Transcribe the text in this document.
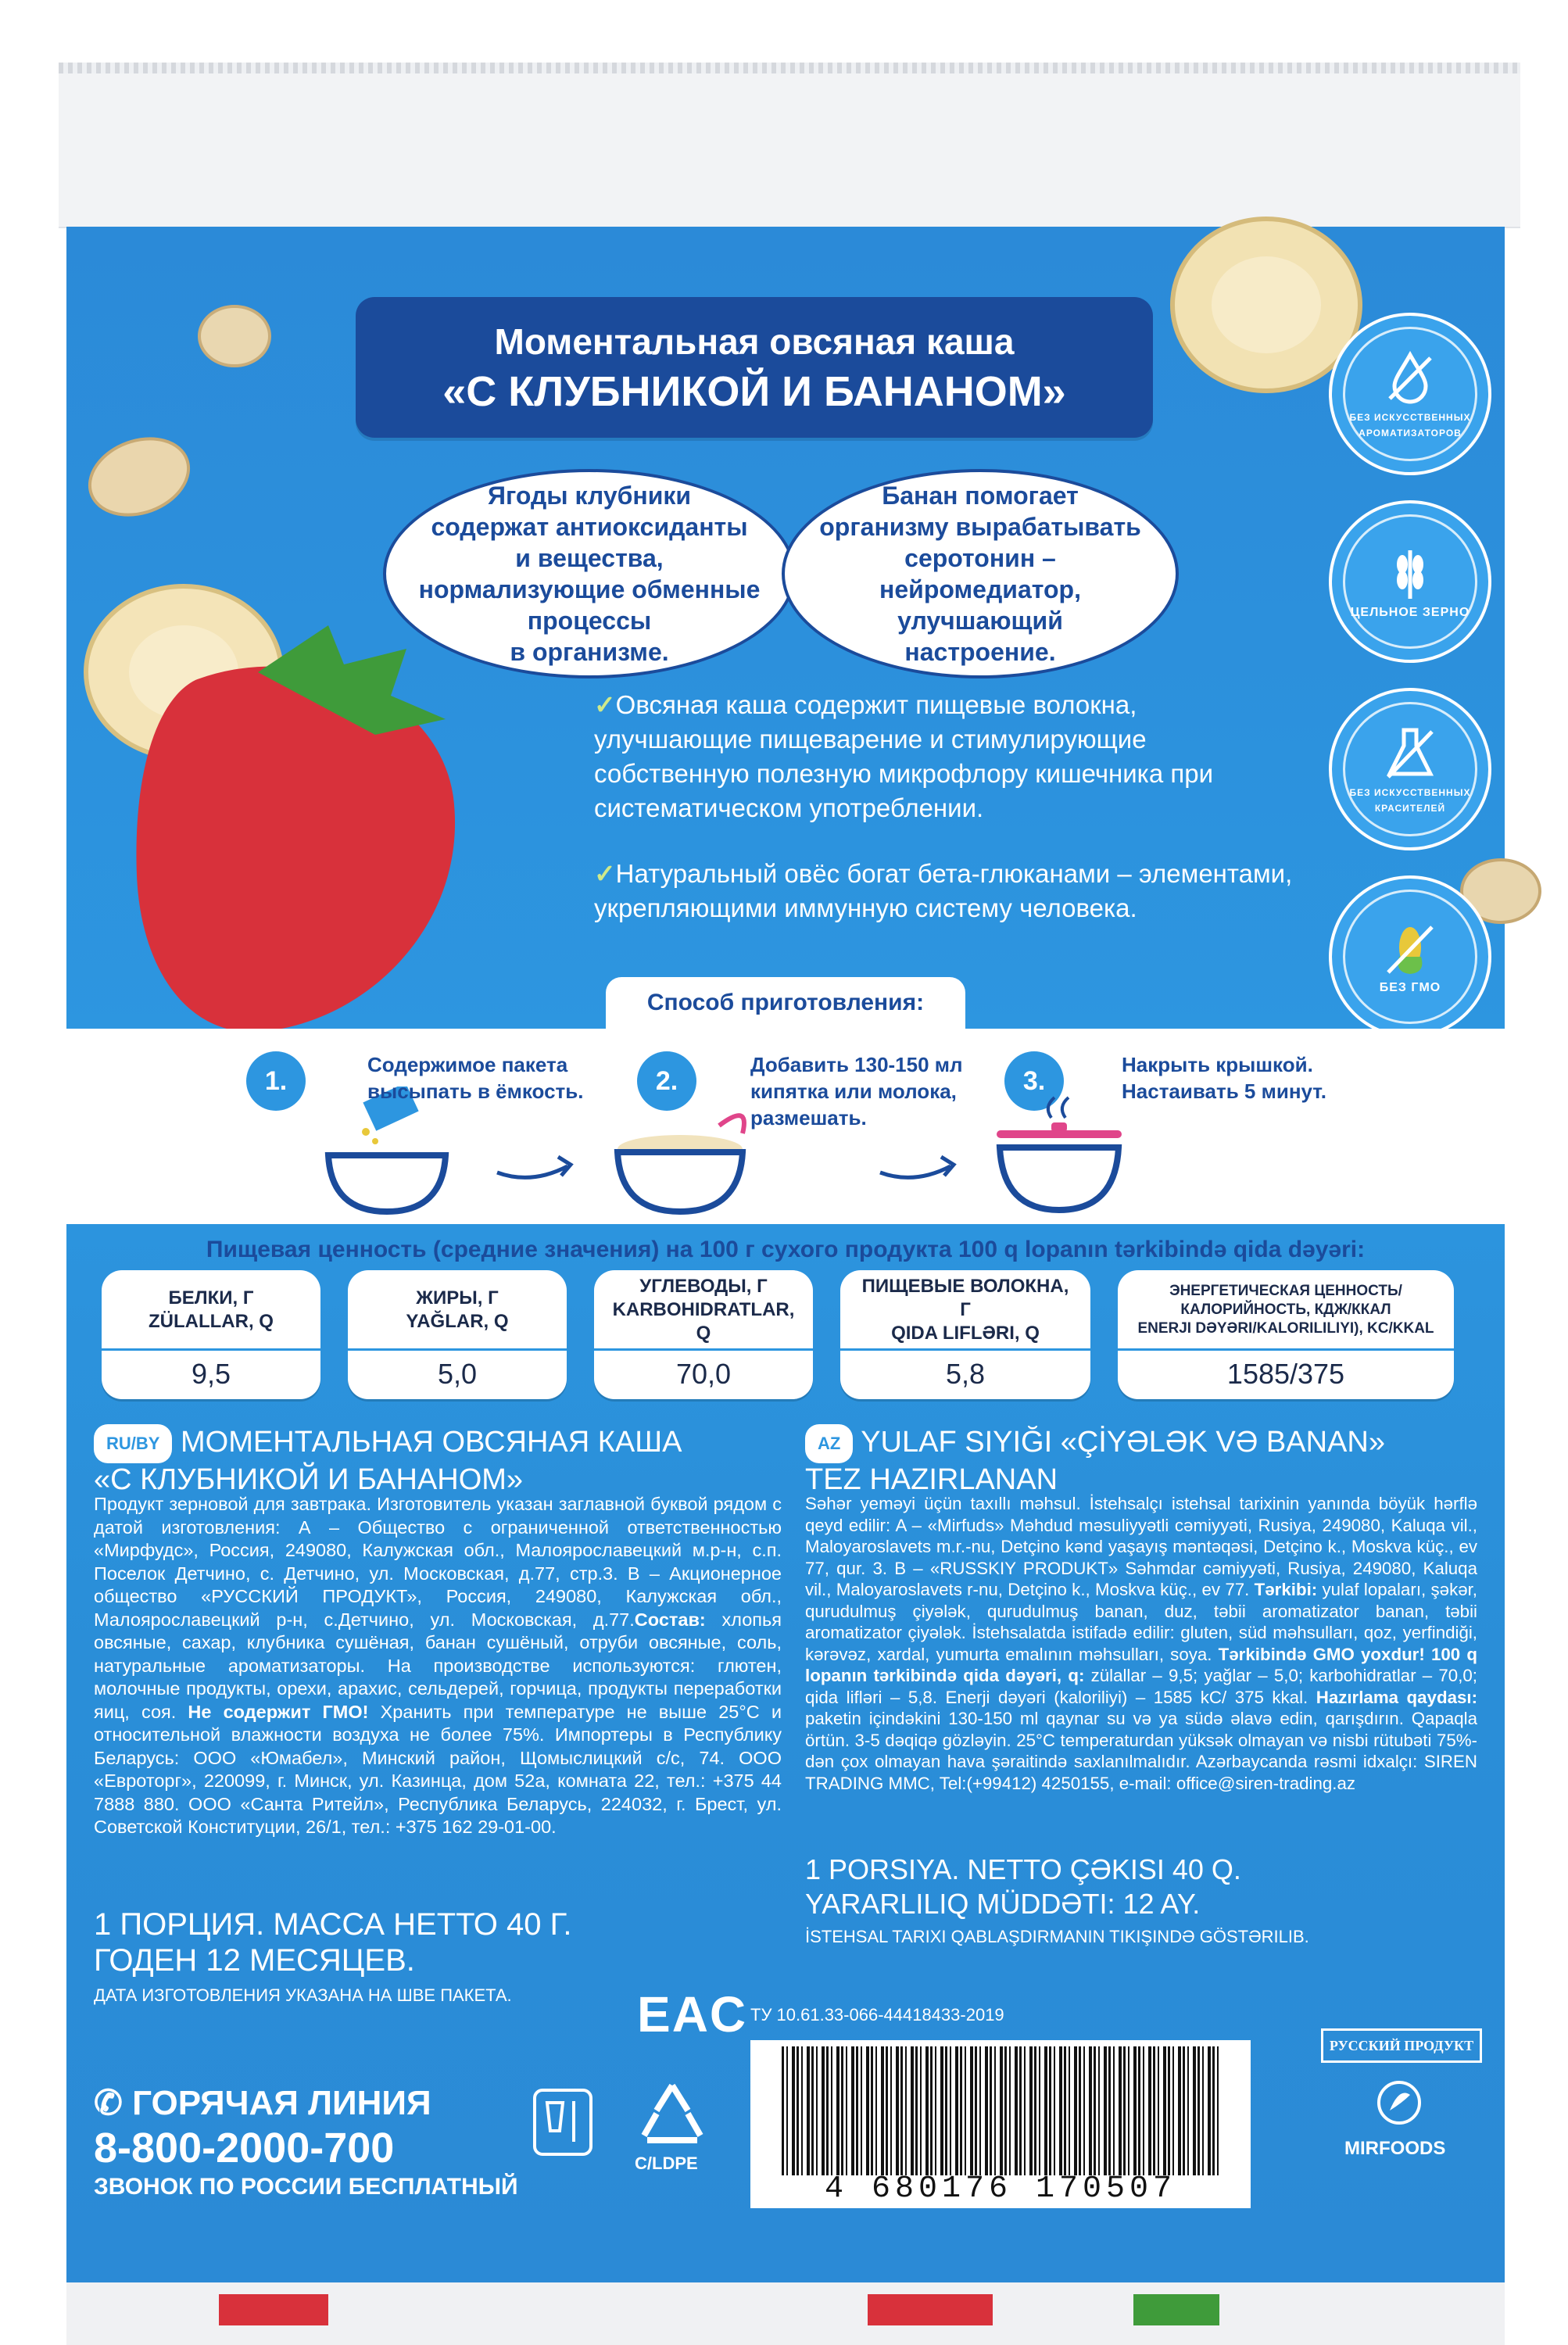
Моментальная овсяная каша
«С КЛУБНИКОЙ И БАНАНОМ»
Ягоды клубники
содержат антиоксиданты
и вещества,
нормализующие обменные
процессы
в организме.
Банан помогает
организму вырабатывать
серотонин –
нейромедиатор,
улучшающий
настроение.
БЕЗ ИСКУССТВЕННЫХ АРОМАТИЗАТОРОВ
ЦЕЛЬНОЕ ЗЕРНО
БЕЗ ИСКУССТВЕННЫХ КРАСИТЕЛЕЙ
БЕЗ ГМО

✓Овсяная каша содержит пищевые волокна, улучшающие пищеварение и стимулирующие собственную полезную микрофлору кишечника при систематическом употреблении.

✓Натуральный овёс богат бета-глюканами – элементами, укрепляющими иммунную систему человека.

Способ приготовления:
1.
Содержимое пакета
высыпать в ёмкость.	2.
Добавить 130-150 мл
кипятка или молока,
размешать.
3.
Накрыть крышкой.
Настаивать 5 минут.
Пищевая ценность (средние значения) на 100 г сухого продукта 100 q lopanın tərkibində qida dəyəri:
БЕЛКИ, Г
ZÜLALLAR, Q
9,5
ЖИРЫ, Г
YAĞLAR, Q
5,0
УГЛЕВОДЫ, Г
KARBOHIDRATLAR, Q
70,0
ПИЩЕВЫЕ ВОЛОКНА, Г
QIDA LIFLƏRI, Q
5,8
ЭНЕРГЕТИЧЕСКАЯ ЦЕННОСТЬ/ КАЛОРИЙНОСТЬ, КДЖ/ККАЛ
ENERJI DƏYƏRI/KALORILILIYI), KC/KKAL
1585/375
RU/BY МОМЕНТАЛЬНАЯ ОВСЯНАЯ КАША
«С КЛУБНИКОЙ И БАНАНОМ»
Продукт зерновой для завтрака. Изготовитель указан заглавной буквой рядом с датой изготовления: А – Общество с ограниченной ответственностью «Мирфудс», Россия, 249080, Калужская обл., Малоярославецкий м.р-н, с.п. Поселок Детчино, с. Детчино, ул. Московская, д.77, стр.3. В – Акционерное общество «РУССКИЙ ПРОДУКТ», Россия, 249080, Калужская обл., Малоярославецкий р-н, с.Детчино, ул. Московская, д.77.Состав: хлопья овсяные, сахар, клубника сушёная, банан сушёный, отруби овсяные, соль, натуральные ароматизаторы. На производстве используются: глютен, молочные продукты, орехи, арахис, сельдерей, горчица, продукты переработки яиц, соя. Не содержит ГМО! Хранить при температуре не выше 25°С и относительной влажности воздуха не более 75%. Импортеры в Республику Беларусь: ООО «Юмабел», Минский район, Щомыслицкий с/с, 74. ООО «Евроторг», 220099, г. Минск, ул. Казинца, дом 52а, комната 22, тел.: +375 44 7888 880. ООО «Санта Ритейл», Республика Беларусь, 224032, г. Брест, ул. Советской Конституции, 26/1, тел.: +375 162 29-01-00.
1 ПОРЦИЯ. МАССА НЕТТО 40 Г.
ГОДЕН 12 МЕСЯЦЕВ.
ДАТА ИЗГОТОВЛЕНИЯ УКАЗАНА НА ШВЕ ПАКЕТА.
AZ YULAF SIYIĞI «ÇİYƏLƏK VƏ BANAN»
TEZ HAZIRLANAN
Səhər yeməyi üçün taxıllı məhsul. İstehsalçı istehsal tarixinin yanında böyük hərflə qeyd edilir: A – «Mirfuds» Məhdud məsuliyyətli cəmiyyəti, Rusiya, 249080, Kaluqa vil., Maloyaroslavets m.r.-nu, Detçino kənd yaşayış məntəqəsi, Detçino k., Moskva küç., ev 77, qur. 3. B – «RUSSKIY PRODUKT» Səhmdar cəmiyyəti, Rusiya, 249080, Kaluqa vil., Maloyaroslavets r-nu, Detçino k., Moskva küç., ev 77. Tərkibi: yulaf lopaları, şəkər, qurudulmuş çiyələk, qurudulmuş banan, duz, təbii aromatizator banan, təbii aromatizator çiyələk. İstehsalatda istifadə edilir: gluten, süd məhsulları, qoz, yerfindiği, kərəvəz, xardal, yumurta emalının məhsulları, soya. Tərkibində GMO yoxdur! 100 q lopanın tərkibində qida dəyəri, q: zülallar – 9,5; yağlar – 5,0; karbohidratlar – 70,0; qida lifləri – 5,8. Enerji dəyəri (kaloriliyi) – 1585 kC/ 375 kkal. Hazırlama qaydası: paketin içindəkini 130-150 ml qaynar su və ya südə əlavə edin, qarışdırın. Qapaqla örtün. 3-5 dəqiqə gözləyin. 25°C temperaturdan yüksək olmayan və nisbi rütubəti 75%-dən çox olmayan hava şəraitində saxlanılmalıdır. Azərbaycanda rəsmi idxalçı: SIREN TRADING MMC, Tel:(+99412) 4250155, e-mail: office@siren-trading.az
1 PORSIYA. NETTO ÇƏKISI 40 Q.
YARARLILIQ MÜDDƏTI: 12 AY.
İSTEHSAL TARIXI QABLAŞDIRMANIN TIKIŞINDƏ GÖSTƏRILIB.
ТУ 10.61.33-066-44418433-2019
✆ ГОРЯЧАЯ ЛИНИЯ
8-800-2000-700
ЗВОНОК ПО РОССИИ БЕСПЛАТНЫЙ
EAC
C/LDPE
4 680176 170507
РУССКИЙ ПРОДУКТ
MIRFOODS
